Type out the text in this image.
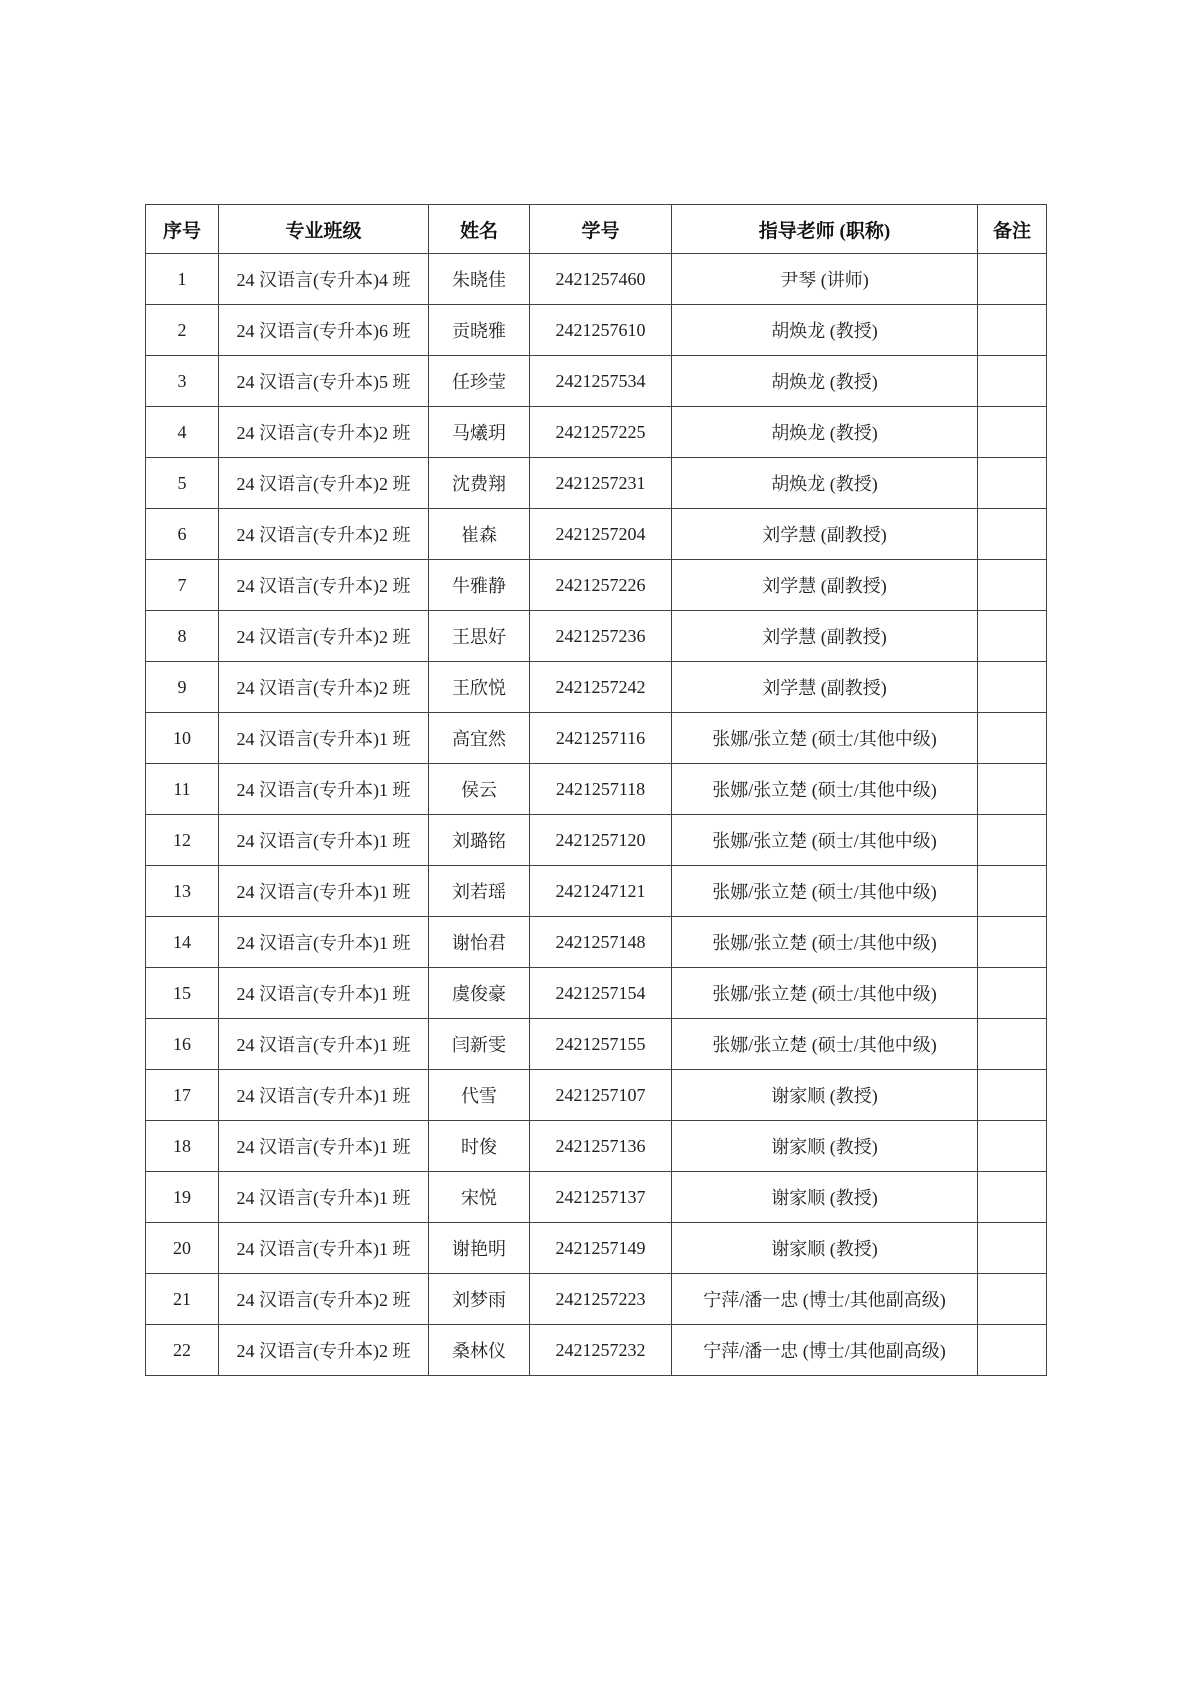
序号	专业班级	姓名	学号	指导老师 (职称)	备注
1	24 汉语言(专升本)4 班	朱晓佳	2421257460	尹琴 (讲师)	
2	24 汉语言(专升本)6 班	贡晓雅	2421257610	胡焕龙 (教授)	
3	24 汉语言(专升本)5 班	任珍莹	2421257534	胡焕龙 (教授)	
4	24 汉语言(专升本)2 班	马爔玥	2421257225	胡焕龙 (教授)	
5	24 汉语言(专升本)2 班	沈费翔	2421257231	胡焕龙 (教授)	
6	24 汉语言(专升本)2 班	崔森	2421257204	刘学慧 (副教授)	
7	24 汉语言(专升本)2 班	牛雅静	2421257226	刘学慧 (副教授)	
8	24 汉语言(专升本)2 班	王思好	2421257236	刘学慧 (副教授)	
9	24 汉语言(专升本)2 班	王欣悦	2421257242	刘学慧 (副教授)	
10	24 汉语言(专升本)1 班	高宜然	2421257116	张娜/张立楚 (硕士/其他中级)	
11	24 汉语言(专升本)1 班	侯云	2421257118	张娜/张立楚 (硕士/其他中级)	
12	24 汉语言(专升本)1 班	刘璐铭	2421257120	张娜/张立楚 (硕士/其他中级)	
13	24 汉语言(专升本)1 班	刘若瑶	2421247121	张娜/张立楚 (硕士/其他中级)	
14	24 汉语言(专升本)1 班	谢怡君	2421257148	张娜/张立楚 (硕士/其他中级)	
15	24 汉语言(专升本)1 班	虞俊豪	2421257154	张娜/张立楚 (硕士/其他中级)	
16	24 汉语言(专升本)1 班	闫新雯	2421257155	张娜/张立楚 (硕士/其他中级)	
17	24 汉语言(专升本)1 班	代雪	2421257107	谢家顺 (教授)	
18	24 汉语言(专升本)1 班	时俊	2421257136	谢家顺 (教授)	
19	24 汉语言(专升本)1 班	宋悦	2421257137	谢家顺 (教授)	
20	24 汉语言(专升本)1 班	谢艳明	2421257149	谢家顺 (教授)	
21	24 汉语言(专升本)2 班	刘梦雨	2421257223	宁萍/潘一忠 (博士/其他副高级)	
22	24 汉语言(专升本)2 班	桑林仪	2421257232	宁萍/潘一忠 (博士/其他副高级)	
